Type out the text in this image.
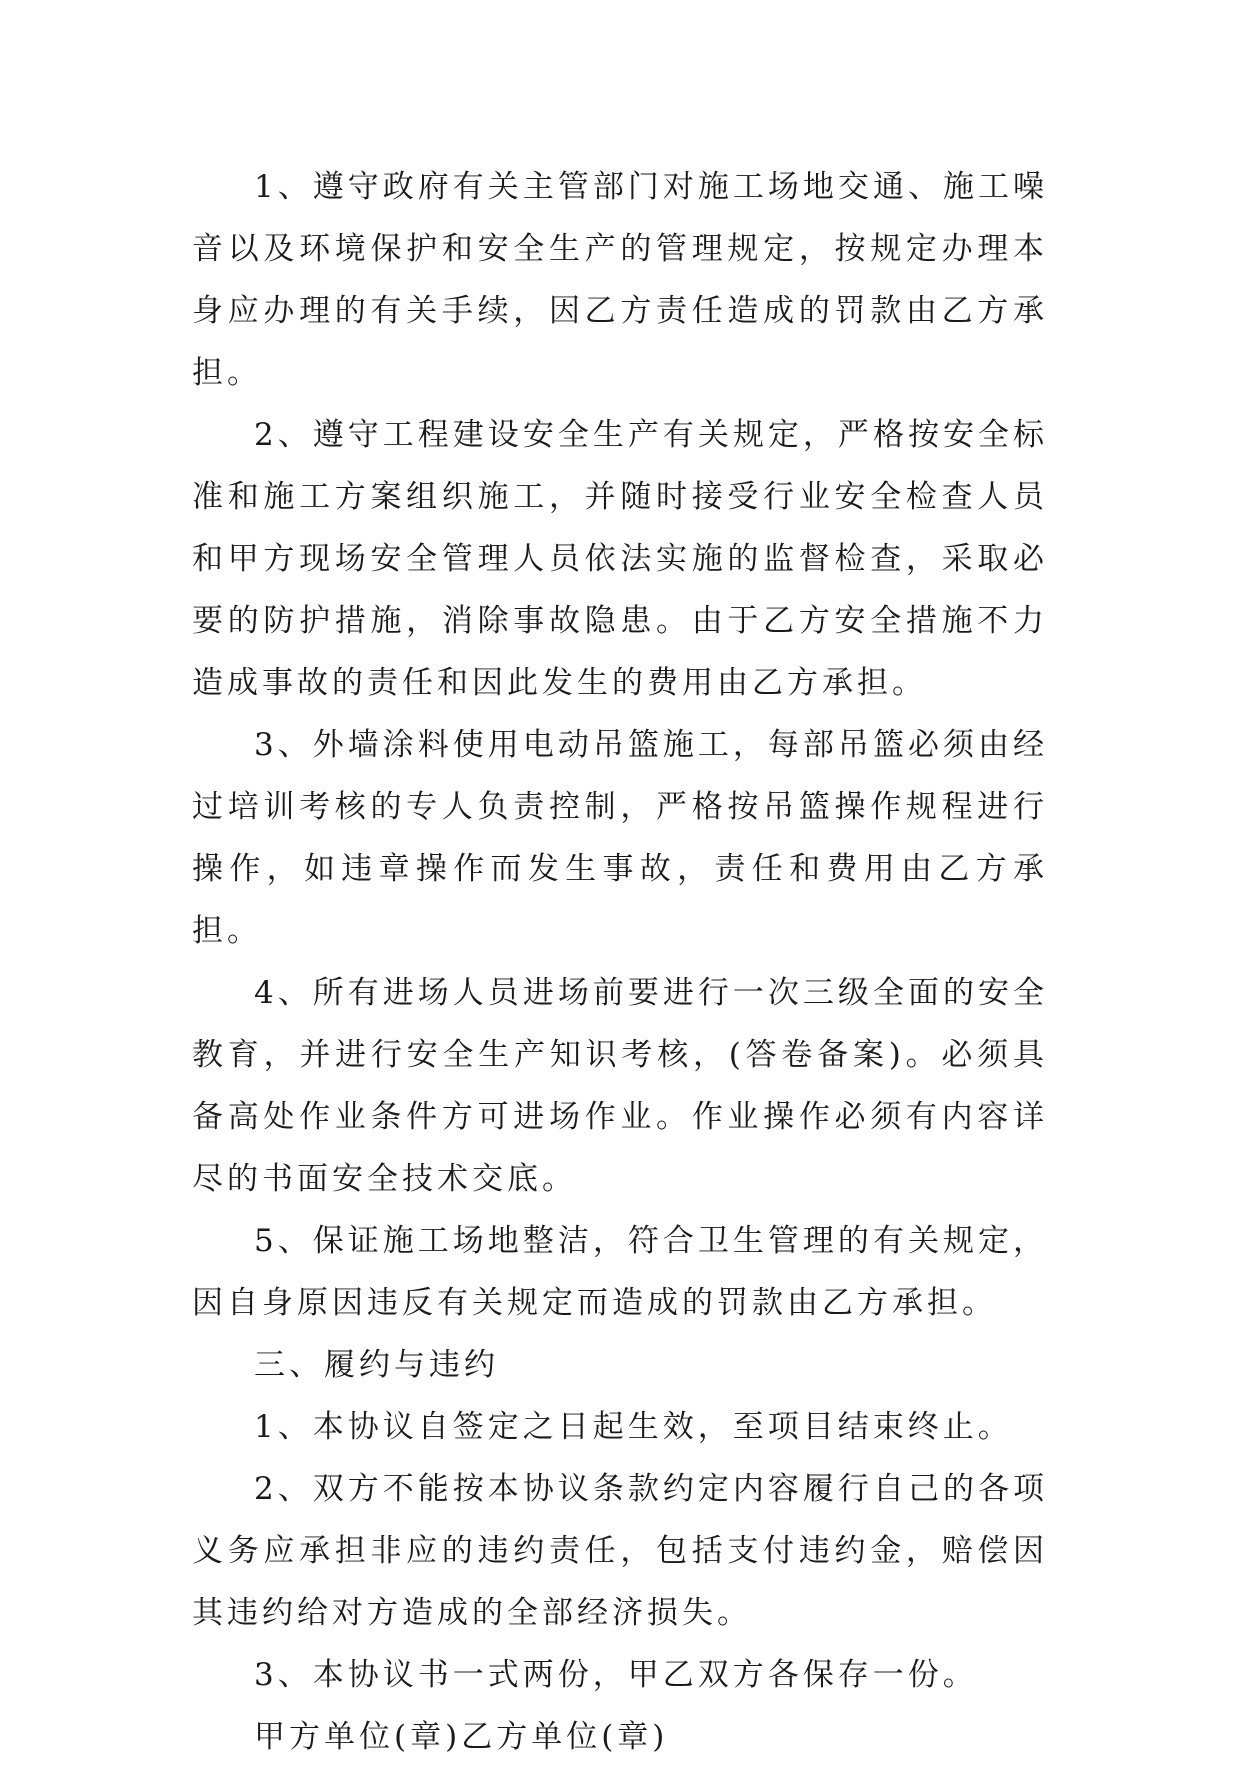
1、遵守政府有关主管部门对施工场地交通、施工噪音以及环境保护和安全生产的管理规定，按规定办理本身应办理的有关手续，因乙方责任造成的罚款由乙方承担。

2、遵守工程建设安全生产有关规定，严格按安全标准和施工方案组织施工，并随时接受行业安全检查人员和甲方现场安全管理人员依法实施的监督检查，采取必要的防护措施，消除事故隐患。由于乙方安全措施不力造成事故的责任和因此发生的费用由乙方承担。

3、外墙涂料使用电动吊篮施工，每部吊篮必须由经过培训考核的专人负责控制，严格按吊篮操作规程进行操作，如违章操作而发生事故，责任和费用由乙方承担。

4、所有进场人员进场前要进行一次三级全面的安全教育，并进行安全生产知识考核，(答卷备案)。必须具备高处作业条件方可进场作业。作业操作必须有内容详尽的书面安全技术交底。

5、保证施工场地整洁，符合卫生管理的有关规定，因自身原因违反有关规定而造成的罚款由乙方承担。

三、履约与违约

1、本协议自签定之日起生效，至项目结束终止。

2、双方不能按本协议条款约定内容履行自己的各项义务应承担非应的违约责任，包括支付违约金，赔偿因其违约给对方造成的全部经济损失。

3、本协议书一式两份，甲乙双方各保存一份。

甲方单位(章)乙方单位(章)
